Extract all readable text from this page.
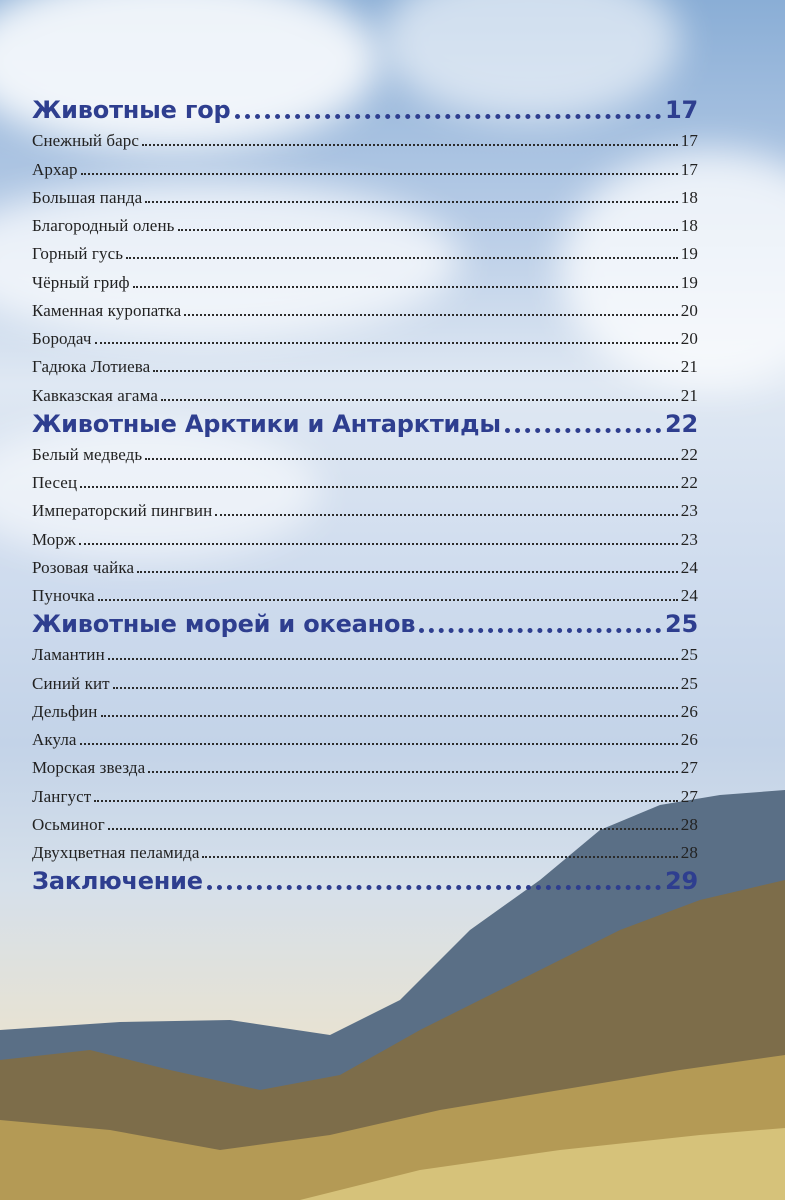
Животные гор	17
Снежный барс	17
Архар	17
Большая панда	18
Благородный олень	18
Горный гусь	19
Чёрный гриф	19
Каменная куропатка	20
Бородач	20
Гадюка Лотиева	21
Кавказская агама	21
Животные Арктики и Антарктиды	22
Белый медведь	22
Песец	22
Императорский пингвин	23
Морж	23
Розовая чайка	24
Пуночка	24
Животные морей и океанов	25
Ламантин	25
Синий кит	25
Дельфин	26
Акула	26
Морская звезда	27
Лангуст	27
Осьминог	28
Двухцветная пеламида	28
Заключение	29
